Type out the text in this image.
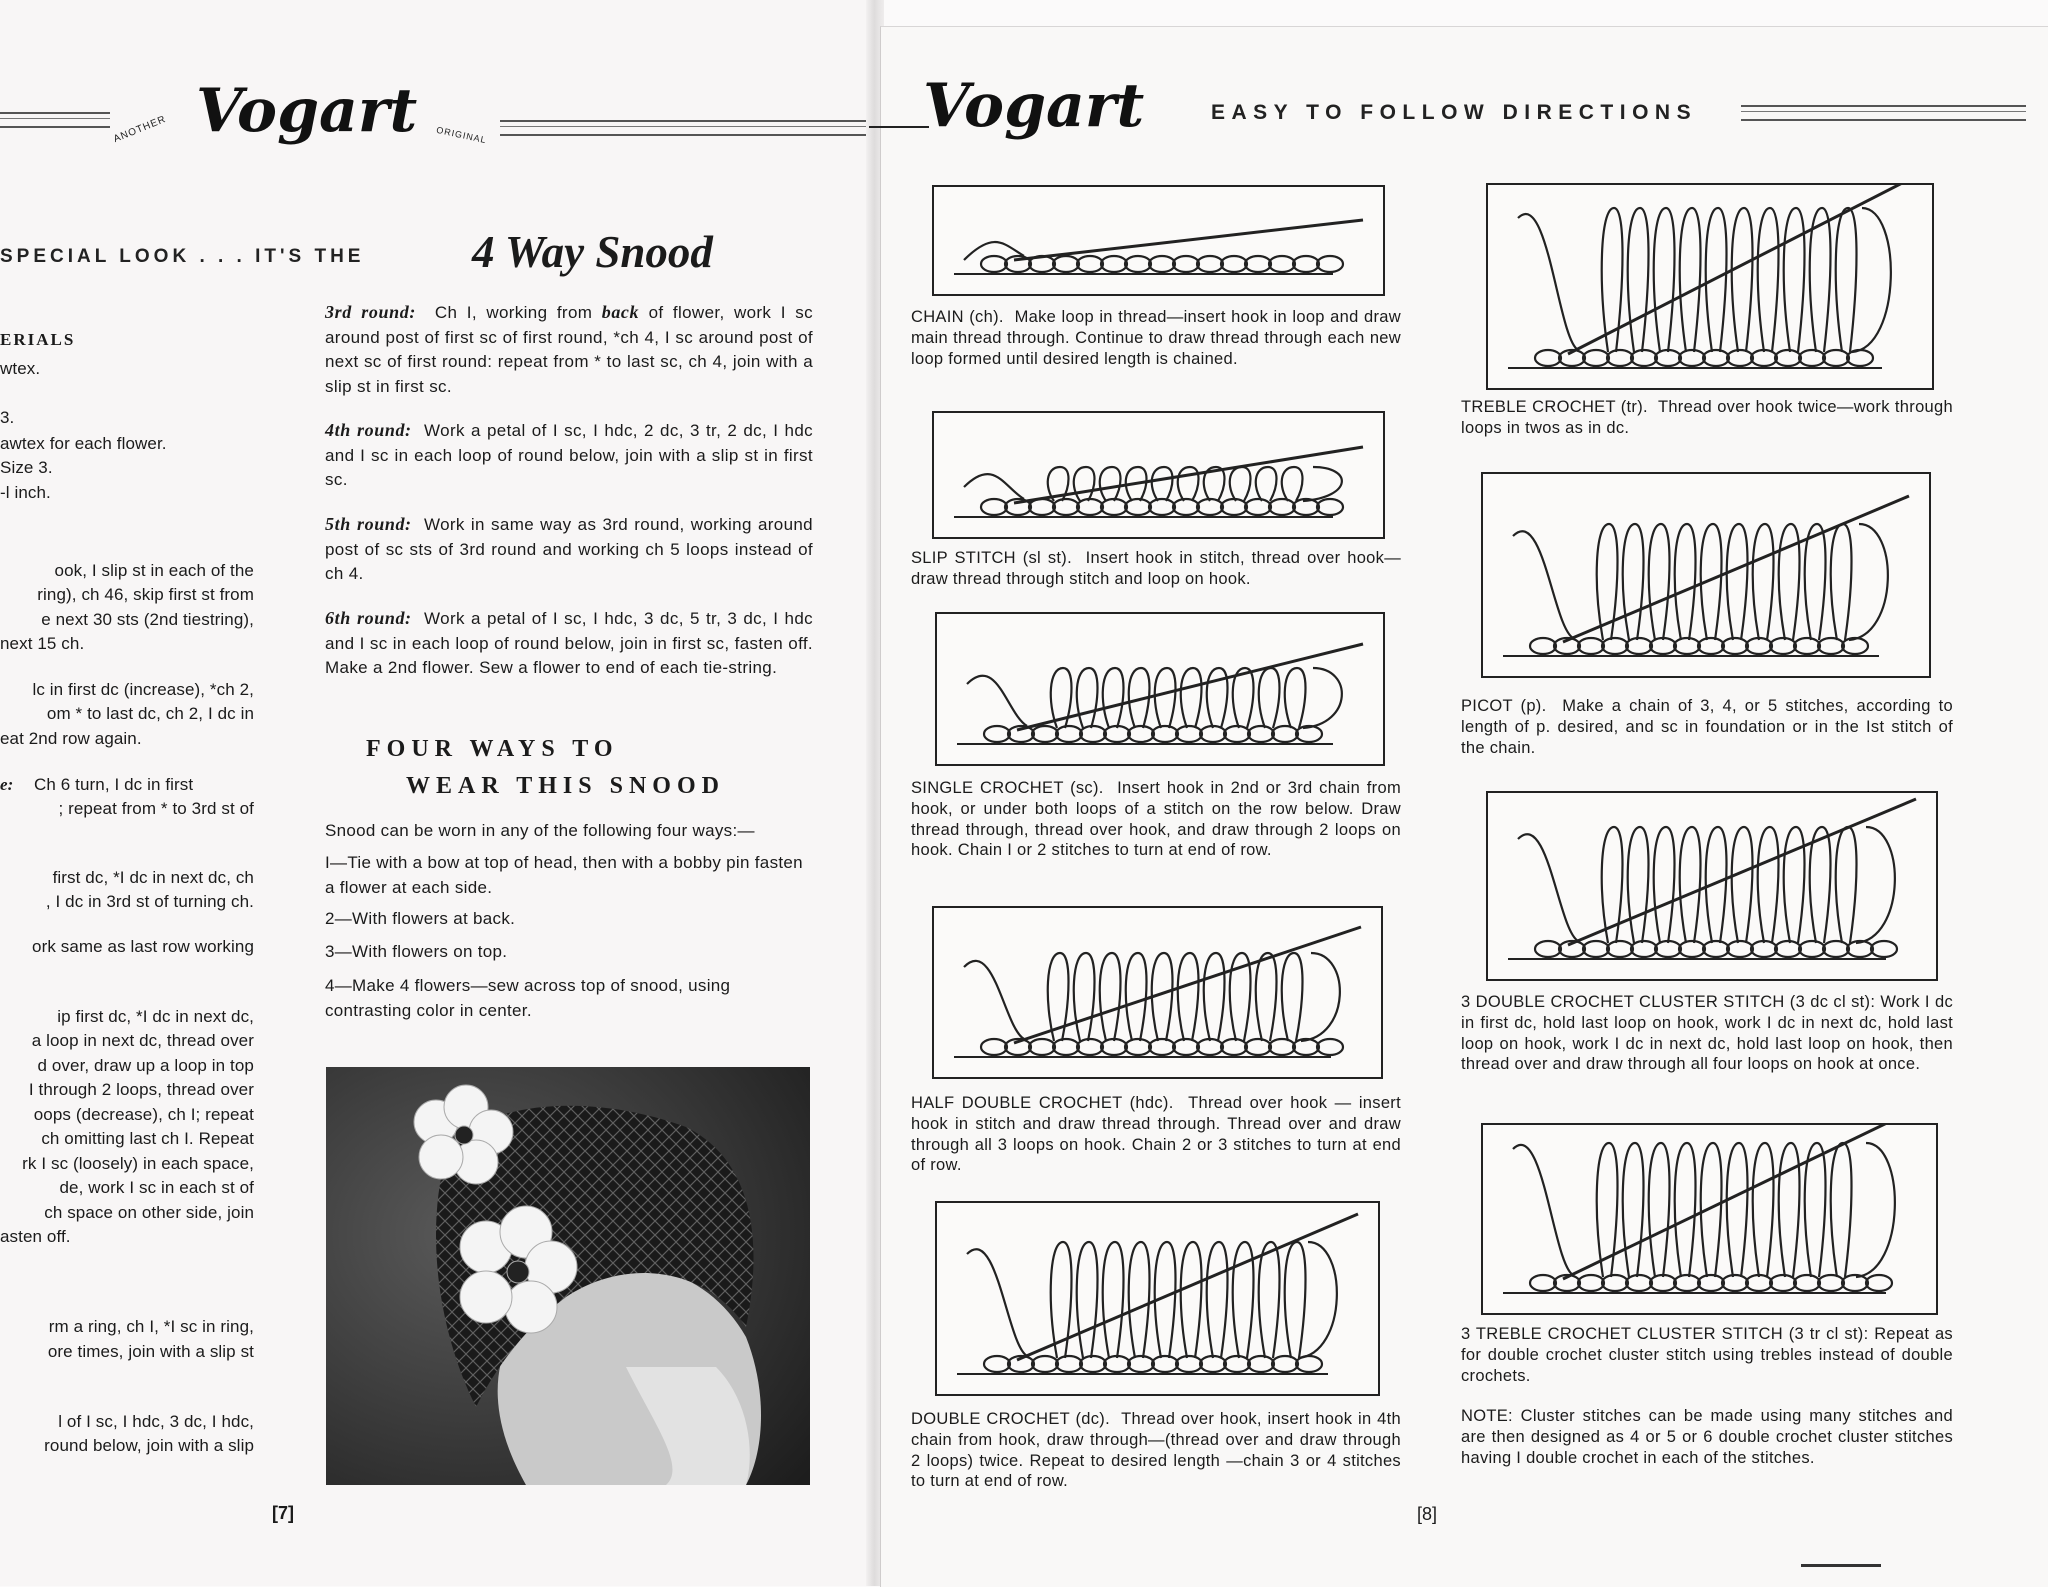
ANOTHER Vogart ORIGINAL
SPECIAL LOOK . . . IT'S THE 4 Way Snood
ERIALS
wtex.
3.
awtex for each flower.
Size 3.
-l inch.
ook, I slip st in each of the
ring), ch 46, skip first st from
e next 30 sts (2nd tiestring),
next 15 ch.
lc in first dc (increase), *ch 2,
om * to last dc, ch 2, I dc in
eat 2nd row again.
e: Ch 6 turn, I dc in first
; repeat from * to 3rd st of
first dc, *I dc in next dc, ch
, I dc in 3rd st of turning ch.
ork same as last row working
ip first dc, *I dc in next dc,
a loop in next dc, thread over
d over, draw up a loop in top
I through 2 loops, thread over
oops (decrease), ch I; repeat
ch omitting last ch I. Repeat
rk I sc (loosely) in each space,
de, work I sc in each st of
ch space on other side, join
asten off.
rm a ring, ch I, *I sc in ring,
ore times, join with a slip st
l of I sc, I hdc, 3 dc, I hdc,
round below, join with a slip
3rd round: Ch I, working from back of flower, work I sc around post of first sc of first round, *ch 4, I sc around post of next sc of first round: repeat from * to last sc, ch 4, join with a slip st in first sc.
4th round: Work a petal of I sc, I hdc, 2 dc, 3 tr, 2 dc, I hdc and I sc in each loop of round below, join with a slip st in first sc.
5th round: Work in same way as 3rd round, working around post of sc sts of 3rd round and working ch 5 loops instead of ch 4.
6th round: Work a petal of I sc, I hdc, 3 dc, 5 tr, 3 dc, I hdc and I sc in each loop of round below, join in first sc, fasten off. Make a 2nd flower. Sew a flower to end of each tie-string.
FOUR WAYS TO
WEAR THIS SNOOD
Snood can be worn in any of the following four ways:—
I—Tie with a bow at top of head, then with a bobby pin fasten a flower at each side.
2—With flowers at back.
3—With flowers on top.
4—Make 4 flowers—sew across top of snood, using contrasting color in center.
[7]
Vogart	EASY TO FOLLOW DIRECTIONS
CHAIN (ch). Make loop in thread—insert hook in loop and draw main thread through. Continue to draw thread through each new loop formed until desired length is chained.
SLIP STITCH (sl st). Insert hook in stitch, thread over hook—draw thread through stitch and loop on hook.
SINGLE CROCHET (sc). Insert hook in 2nd or 3rd chain from hook, or under both loops of a stitch on the row below. Draw thread through, thread over hook, and draw through 2 loops on hook. Chain I or 2 stitches to turn at end of row.
HALF DOUBLE CROCHET (hdc). Thread over hook — insert hook in stitch and draw thread through. Thread over and draw through all 3 loops on hook. Chain 2 or 3 stitches to turn at end of row.
DOUBLE CROCHET (dc). Thread over hook, insert hook in 4th chain from hook, draw through—(thread over and draw through 2 loops) twice. Repeat to desired length —chain 3 or 4 stitches to turn at end of row.
TREBLE CROCHET (tr). Thread over hook twice—work through loops in twos as in dc.
PICOT (p). Make a chain of 3, 4, or 5 stitches, according to length of p. desired, and sc in foundation or in the Ist stitch of the chain.
3 DOUBLE CROCHET CLUSTER STITCH (3 dc cl st): Work I dc in first dc, hold last loop on hook, work I dc in next dc, hold last loop on hook, work I dc in next dc, hold last loop on hook, then thread over and draw through all four loops on hook at once.
3 TREBLE CROCHET CLUSTER STITCH (3 tr cl st): Repeat as for double crochet cluster stitch using trebles instead of double crochets.
NOTE: Cluster stitches can be made using many stitches and are then designed as 4 or 5 or 6 double crochet cluster stitches having I double crochet in each of the stitches.
[8]
